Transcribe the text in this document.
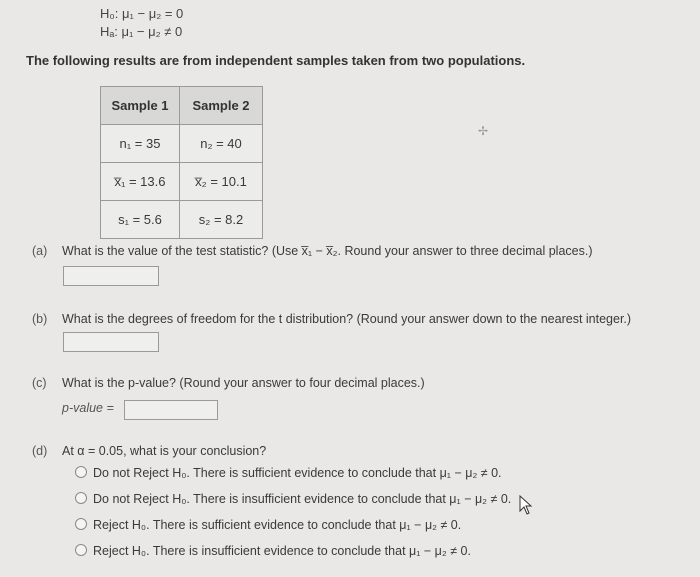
H₀: μ₁ − μ₂ = 0
Hₐ: μ₁ − μ₂ ≠ 0
The following results are from independent samples taken from two populations.
Sample 1	Sample 2
n₁ = 35	n₂ = 40
x̅₁ = 13.6	x̅₂ = 10.1
s₁ = 5.6	s₂ = 8.2
✢
(a) What is the value of the test statistic? (Use x̅₁ − x̅₂. Round your answer to three decimal places.)
(b) What is the degrees of freedom for the t distribution? (Round your answer down to the nearest integer.)
(c) What is the p-value? (Round your answer to four decimal places.)
p-value =
(d) At α = 0.05, what is your conclusion?
Do not Reject H₀. There is sufficient evidence to conclude that μ₁ − μ₂ ≠ 0.
Do not Reject H₀. There is insufficient evidence to conclude that μ₁ − μ₂ ≠ 0.
Reject H₀. There is sufficient evidence to conclude that μ₁ − μ₂ ≠ 0.
Reject H₀. There is insufficient evidence to conclude that μ₁ − μ₂ ≠ 0.
